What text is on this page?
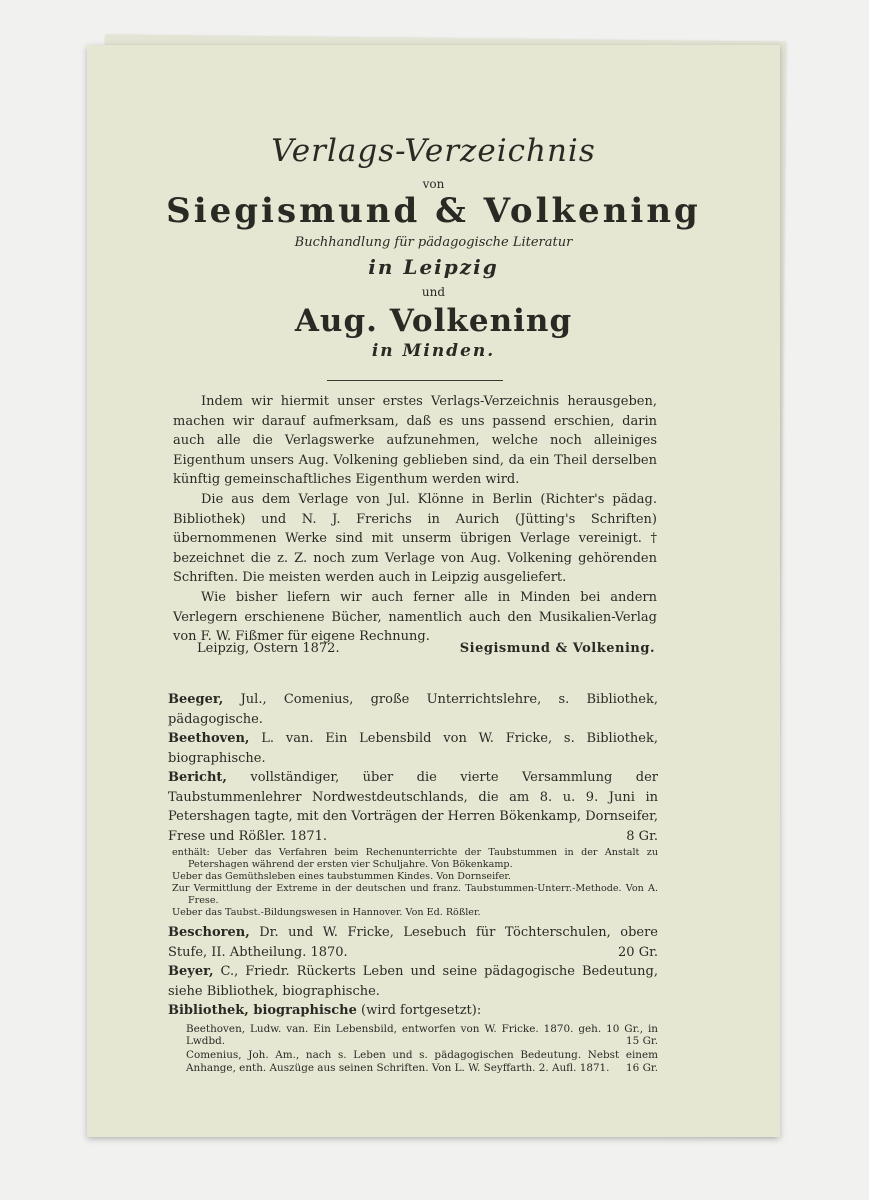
Verlags-Verzeichnis
von
Siegismund & Volkening
Buchhandlung für pädagogische Literatur
in Leipzig
und
Aug. Volkening
in Minden.

Indem wir hiermit unser erstes Verlags-Verzeichnis herausgeben, machen wir darauf aufmerksam, daß es uns passend erschien, darin auch alle die Verlagswerke aufzunehmen, welche noch alleiniges Eigenthum unsers Aug. Volkening geblieben sind, da ein Theil derselben künftig gemeinschaftliches Eigenthum werden wird.

Die aus dem Verlage von Jul. Klönne in Berlin (Richter's pädag. Bibliothek) und N. J. Frerichs in Aurich (Jütting's Schriften) übernommenen Werke sind mit unserm übrigen Verlage vereinigt. † bezeichnet die z. Z. noch zum Verlage von Aug. Volkening gehörenden Schriften. Die meisten werden auch in Leipzig ausgeliefert.

Wie bisher liefern wir auch ferner alle in Minden bei andern Verlegern erschienene Bücher, namentlich auch den Musikalien-Verlag von F. W. Fißmer für eigene Rechnung.

Leipzig, Ostern 1872.	Siegismund & Volkening.

Beeger, Jul., Comenius, große Unterrichtslehre, s. Bibliothek, pädagogische.

Beethoven, L. van. Ein Lebensbild von W. Fricke, s. Bibliothek, biographische.

Bericht, vollständiger, über die vierte Versammlung der Taubstummenlehrer Nordwestdeutschlands, die am 8. u. 9. Juni in Petershagen tagte, mit den Vorträgen der Herren Bökenkamp, Dornseifer, Frese und Rößler. 1871.	8 Gr.

enthält: Ueber das Verfahren beim Rechenunterrichte der Taubstummen in der Anstalt zu Petershagen während der ersten vier Schuljahre. Von Bökenkamp.
Ueber das Gemüthsleben eines taubstummen Kindes. Von Dornseifer.
Zur Vermittlung der Extreme in der deutschen und franz. Taubstummen-Unterr.-Methode. Von A. Frese.
Ueber das Taubst.-Bildungswesen in Hannover. Von Ed. Rößler.

Beschoren, Dr. und W. Fricke, Lesebuch für Töchterschulen, obere Stufe, II. Abtheilung. 1870.	20 Gr.

Beyer, C., Friedr. Rückerts Leben und seine pädagogische Bedeutung, siehe Bibliothek, biographische.

Bibliothek, biographische (wird fortgesetzt):

Beethoven, Ludw. van. Ein Lebensbild, entworfen von W. Fricke. 1870. geh. 10 Gr., in Lwdbd.	15 Gr.
Comenius, Joh. Am., nach s. Leben und s. pädagogischen Bedeutung. Nebst einem Anhange, enth. Auszüge aus seinen Schriften. Von L. W. Seyffarth. 2. Aufl. 1871. 16 Gr.
